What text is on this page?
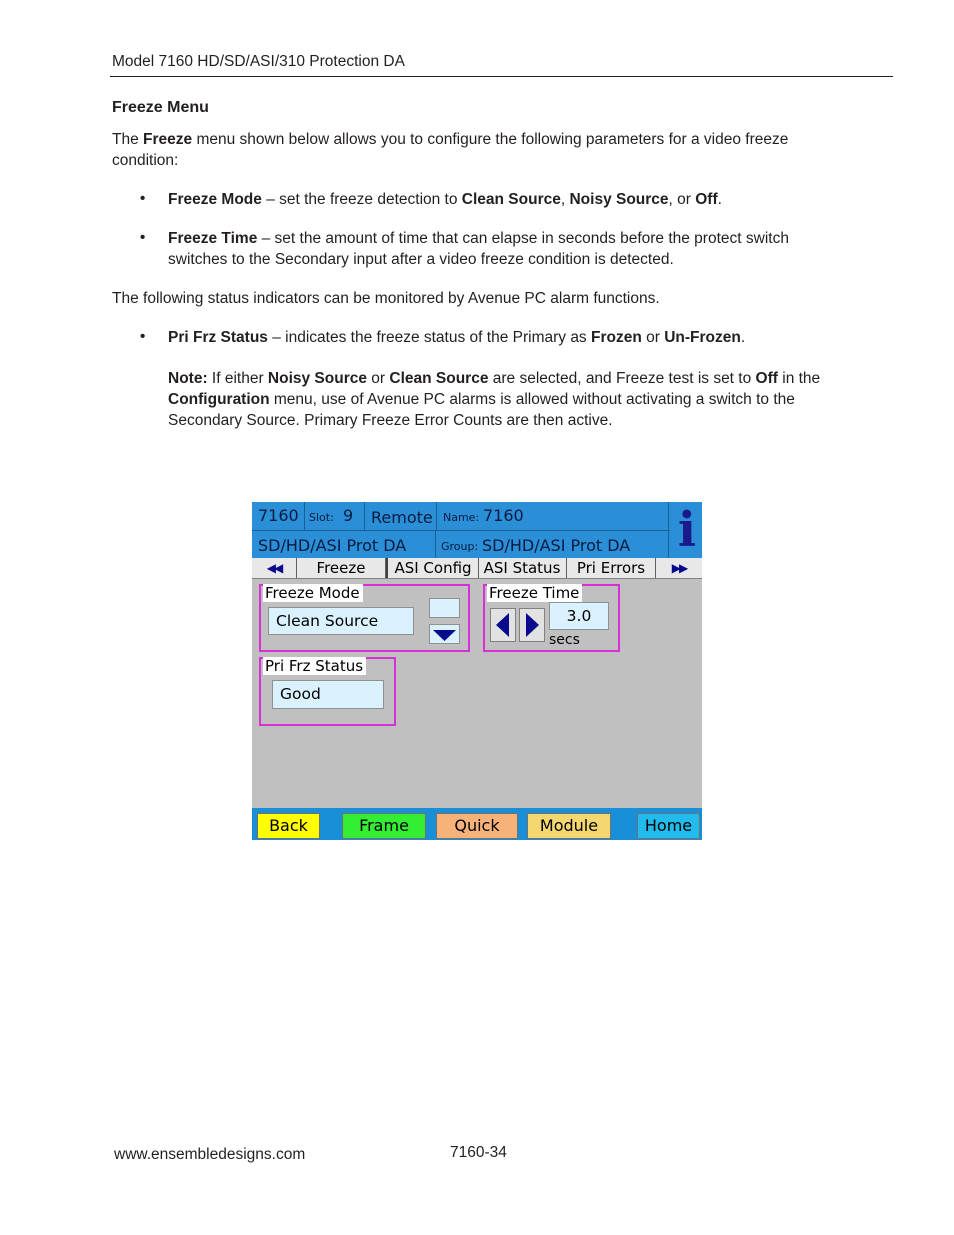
Model 7160 HD/SD/ASI/310 Protection DA
Freeze Menu
The Freeze menu shown below allows you to configure the following parameters for a video freeze condition:
• Freeze Mode – set the freeze detection to Clean Source, Noisy Source, or Off.
• Freeze Time – set the amount of time that can elapse in seconds before the protect switch switches to the Secondary input after a video freeze condition is detected.
The following status indicators can be monitored by Avenue PC alarm functions.
• Pri Frz Status – indicates the freeze status of the Primary as Frozen or Un-Frozen.
Note: If either Noisy Source or Clean Source are selected, and Freeze test is set to Off in the Configuration menu, use of Avenue PC alarms is allowed without activating a switch to the Secondary Source. Primary Freeze Error Counts are then active.
7160 Slot: 9 Remote Name: 7160
SD/HD/ASI Prot DA	Group: SD/HD/ASI Prot DA i
◀◀	Freeze	ASI Config ASI Status	Pri Errors	▶▶
Freeze Mode
Clean Source
Freeze Time
3.0
secs
Pri Frz Status
Good
Back	Frame	Quick	Module	Home
www.ensembledesigns.com	7160-34
